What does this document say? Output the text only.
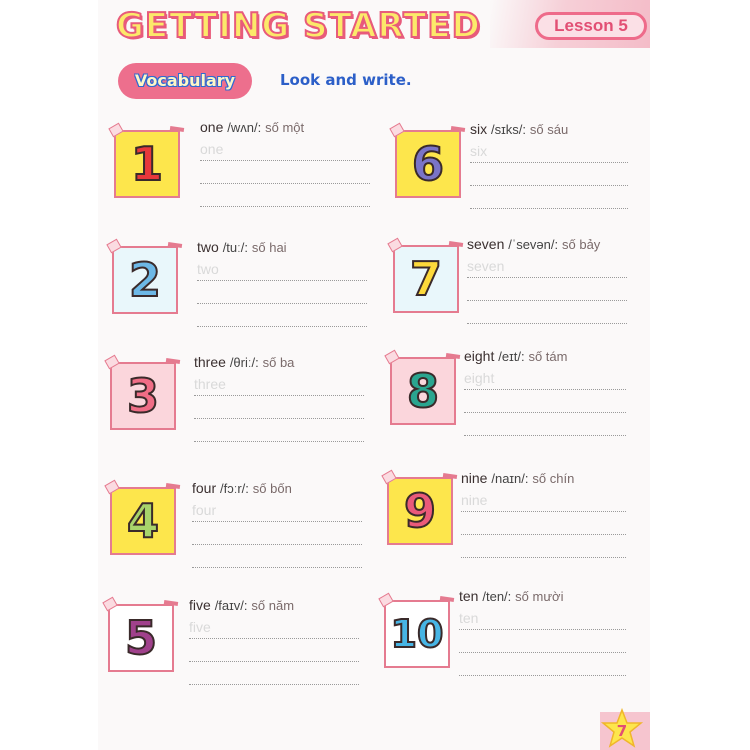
GETTING STARTED	Lesson 5
Vocabulary	Look and write.
1
one /wʌn/: số một
one
2
two /tuː/: số hai
two
3
three /θriː/: số ba
three
4
four /fɔːr/: số bốn
four
5
five /faɪv/: số năm
five
6
six /sɪks/: số sáu
six
7
seven /ˈsevən/: số bảy
seven
8
eight /eɪt/: số tám
eight
9
nine /naɪn/: số chín
nine
10
ten /ten/: số mười
ten
7
